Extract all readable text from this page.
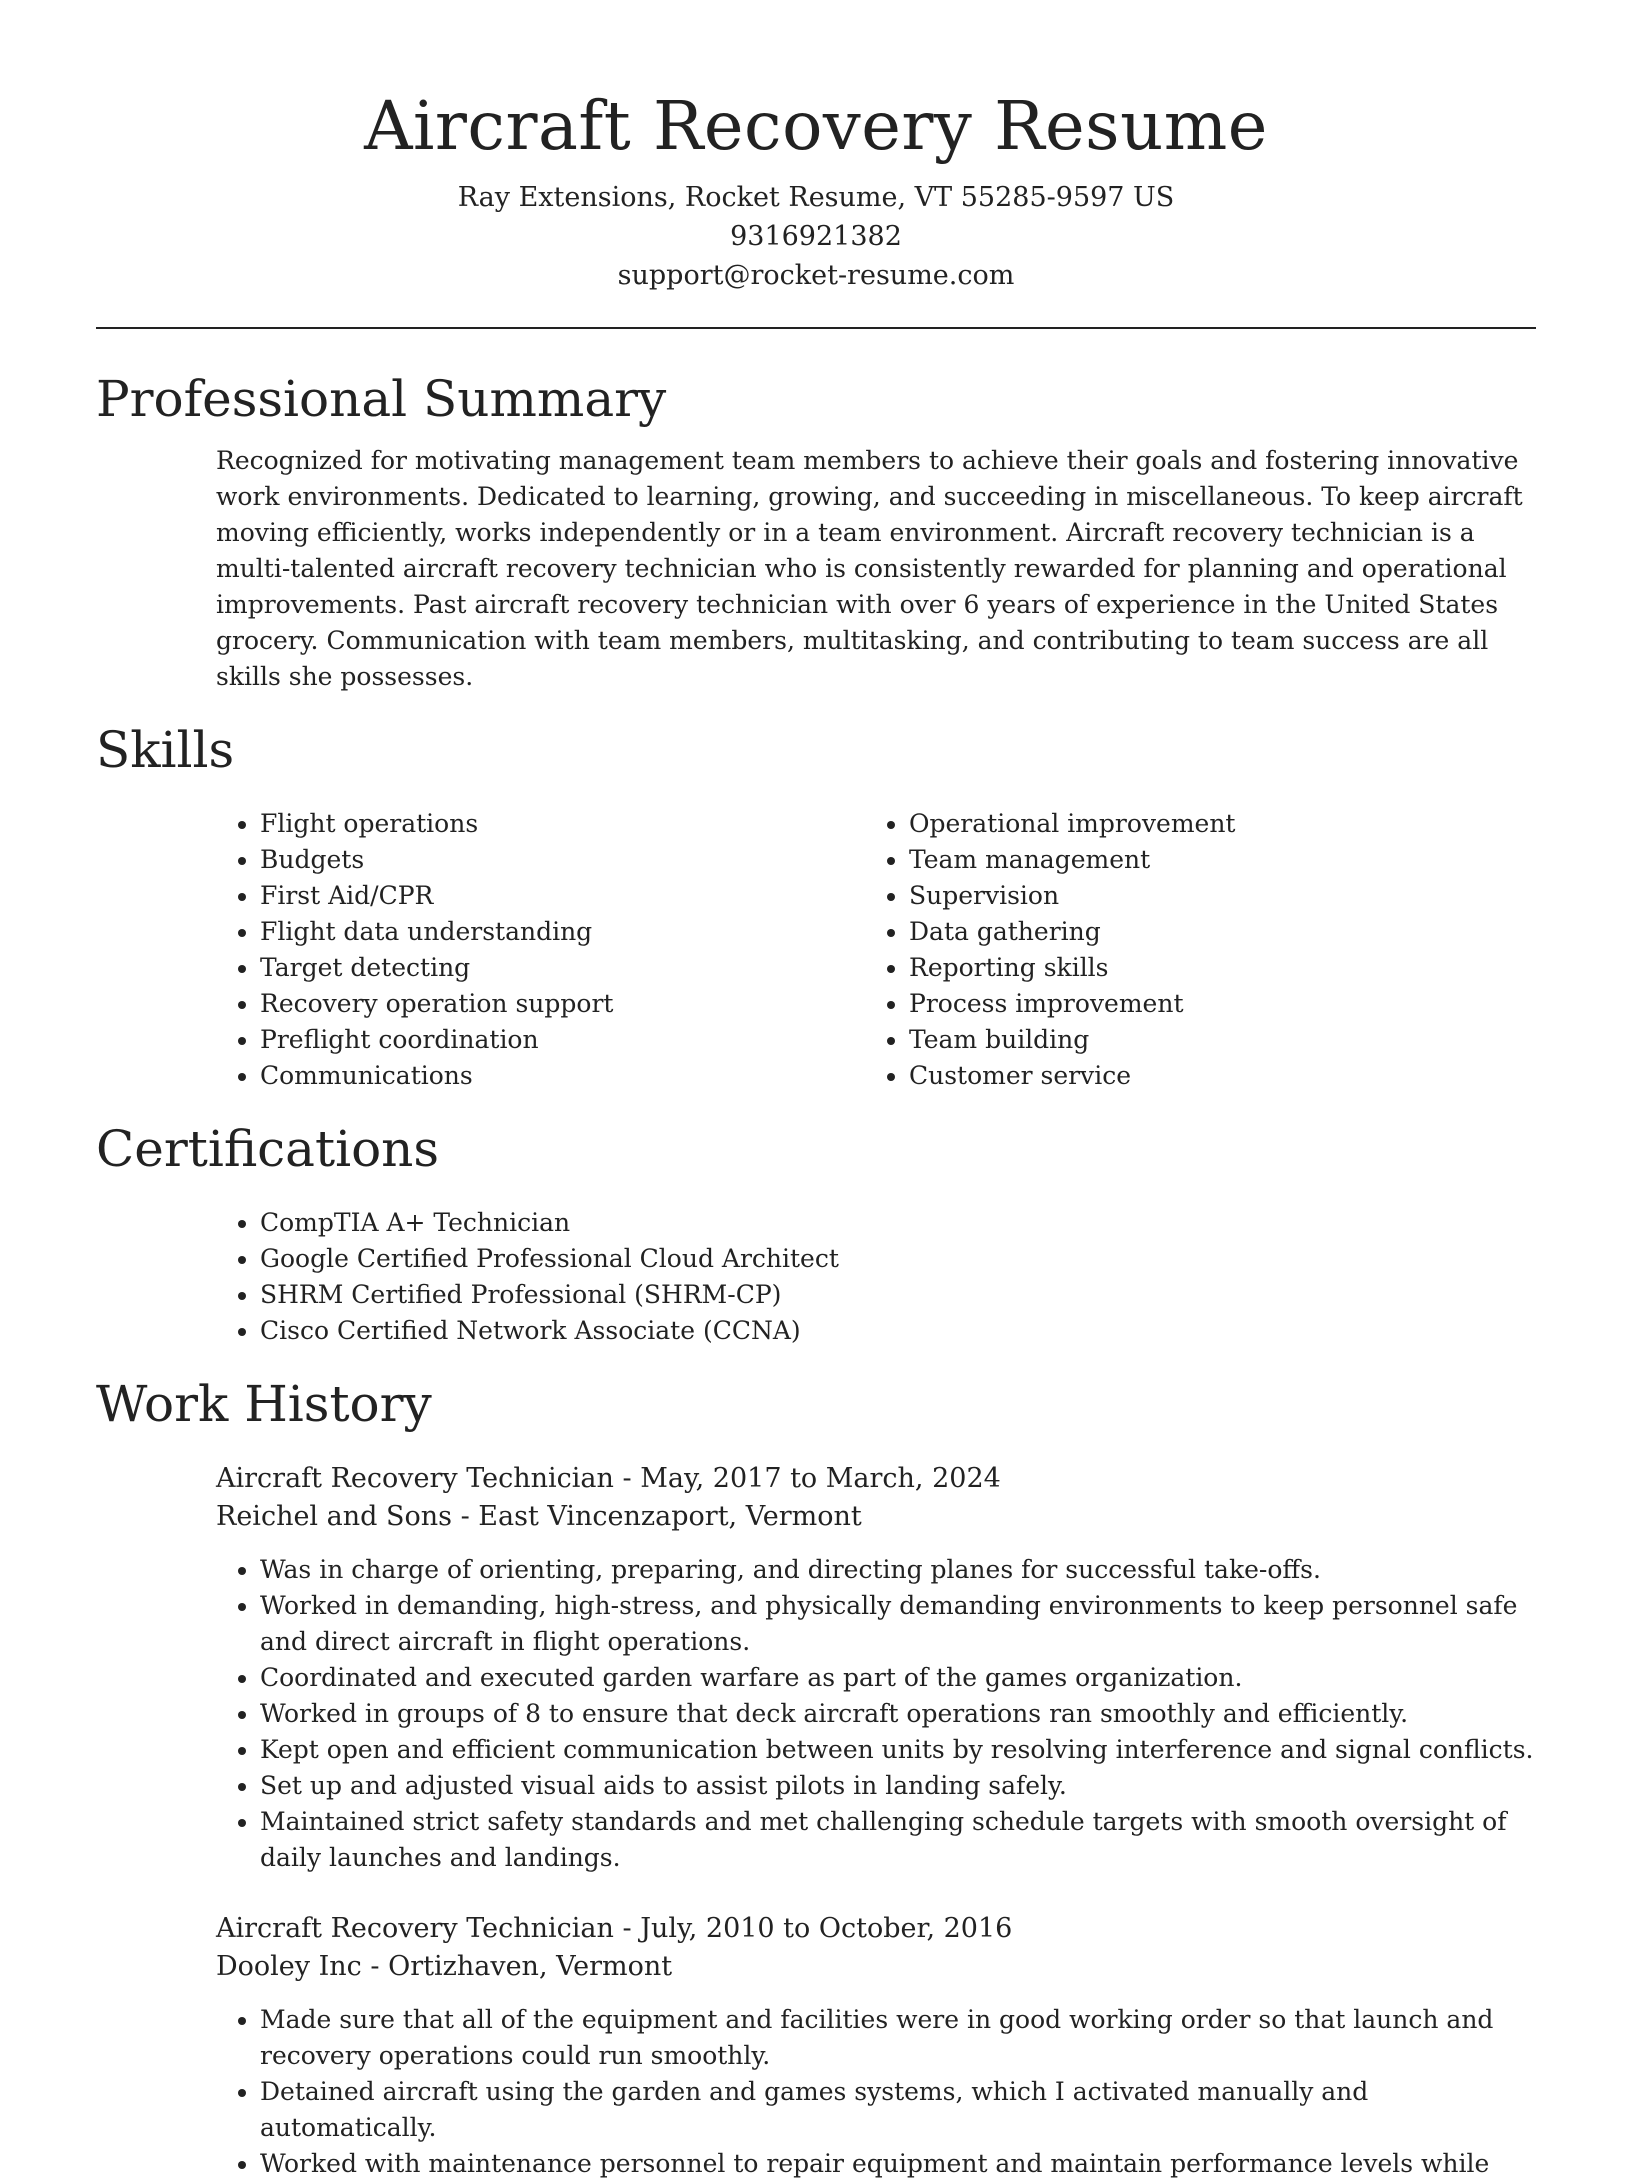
Aircraft Recovery Resume
Ray Extensions, Rocket Resume, VT 55285-9597 US
9316921382
support@rocket-resume.com
Professional Summary

Recognized for motivating management team members to achieve their goals and fostering innovative work environments. Dedicated to learning, growing, and succeeding in miscellaneous. To keep aircraft moving efficiently, works independently or in a team environment. Aircraft recovery technician is a multi-talented aircraft recovery technician who is consistently rewarded for planning and operational improvements. Past aircraft recovery technician with over 6 years of experience in the United States grocery. Communication with team members, multitasking, and contributing to team success are all skills she possesses.

Skills
• Flight operations
• Budgets
• First Aid/CPR
• Flight data understanding
• Target detecting
• Recovery operation support
• Preflight coordination
• Communications
• Operational improvement
• Team management
• Supervision
• Data gathering
• Reporting skills
• Process improvement
• Team building
• Customer service
Certifications
• CompTIA A+ Technician
• Google Certified Professional Cloud Architect
• SHRM Certified Professional (SHRM-CP)
• Cisco Certified Network Associate (CCNA)
Work History
Aircraft Recovery Technician - May, 2017 to March, 2024
Reichel and Sons - East Vincenzaport, Vermont
• Was in charge of orienting, preparing, and directing planes for successful take-offs.
• Worked in demanding, high-stress, and physically demanding environments to keep personnel safe and direct aircraft in flight operations.
• Coordinated and executed garden warfare as part of the games organization.
• Worked in groups of 8 to ensure that deck aircraft operations ran smoothly and efficiently.
• Kept open and efficient communication between units by resolving interference and signal conflicts.
• Set up and adjusted visual aids to assist pilots in landing safely.
• Maintained strict safety standards and met challenging schedule targets with smooth oversight of daily launches and landings.
Aircraft Recovery Technician - July, 2010 to October, 2016
Dooley Inc - Ortizhaven, Vermont
• Made sure that all of the equipment and facilities were in good working order so that launch and recovery operations could run smoothly.
• Detained aircraft using the garden and games systems, which I activated manually and automatically.
• Worked with maintenance personnel to repair equipment and maintain performance levels while
